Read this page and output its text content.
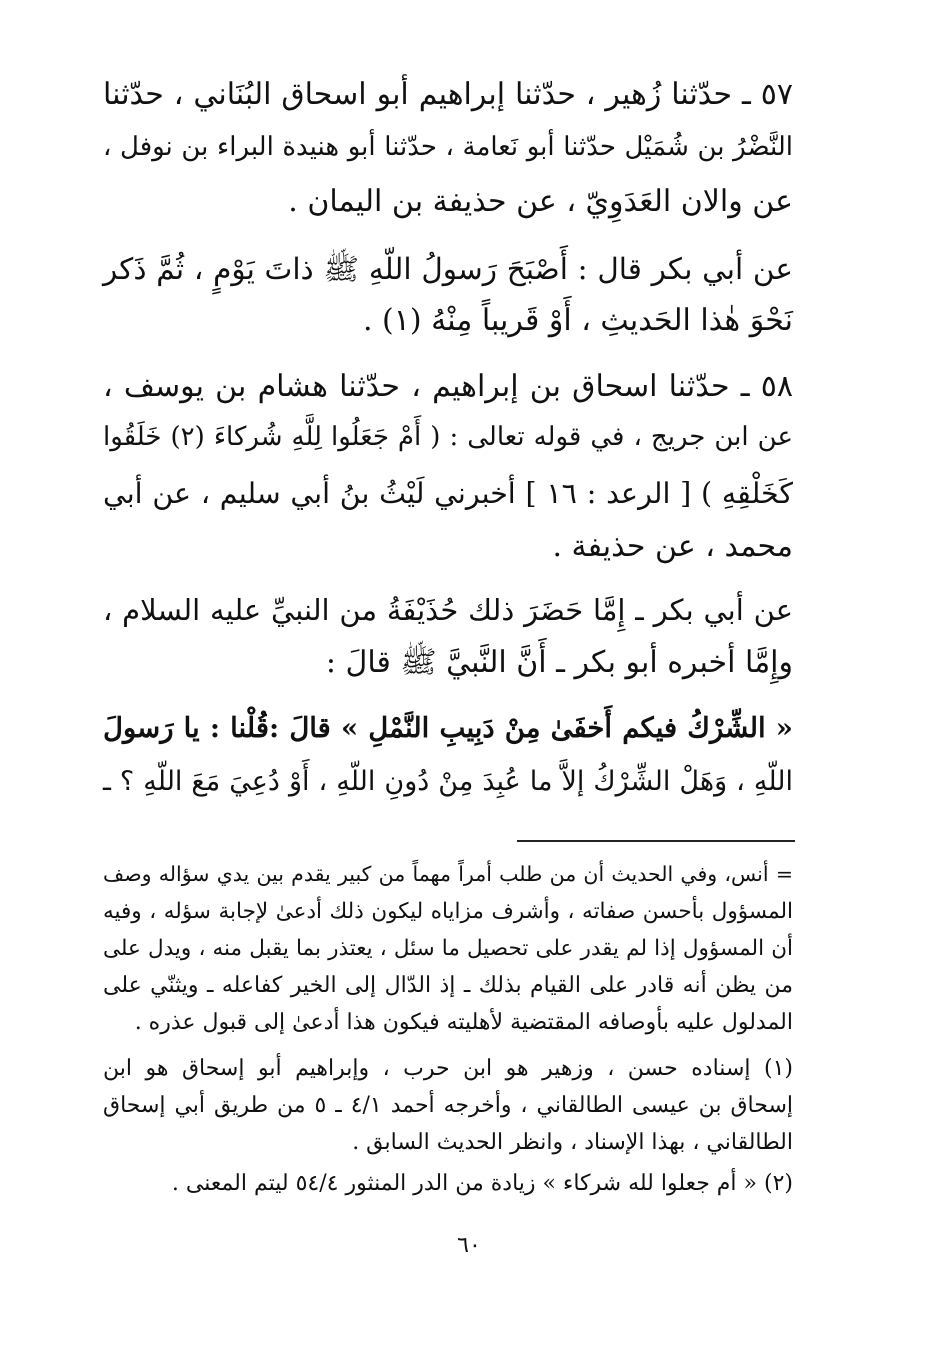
٥٧ ـ حدّثنا زُهير ، حدّثنا إبراهيم أبو اسحاق البُنَاني ، حدّثنا
النَّضْرُ بن شُمَيْل حدّثنا أبو نَعامة ، حدّثنا أبو هنيدة البراء بن نوفل ،
عن والان العَدَوِيّ ، عن حذيفة بن اليمان .
عن أبي بكر قال : أَصْبَحَ رَسولُ اللّهِ ﷺ ذاتَ يَوْمٍ ، ثُمَّ ذَكر
نَحْوَ هٰذا الحَديثِ ، أَوْ قَريباً مِنْهُ (١) .
٥٨ ـ حدّثنا اسحاق بن إبراهيم ، حدّثنا هشام بن يوسف ،
عن ابن جريج ، في قوله تعالى : ( أَمْ جَعَلُوا لِلَّهِ شُركاءَ (٢) خَلَقُوا
كَخَلْقِهِ ) [ الرعد : ١٦ ] أخبرني لَيْثُ بنُ أبي سليم ، عن أبي
محمد ، عن حذيفة .
عن أبي بكر ـ إِمَّا حَضَرَ ذلك حُذَيْفَةُ من النبيِّ عليه السلام ،
وإِمَّا أخبره أبو بكر ـ أَنَّ النَّبيَّ ﷺ قالَ :
« الشِّرْكُ فيكم أَخفَىٰ مِنْ دَبِيبِ النَّمْلِ » قالَ :قُلْنا : يا رَسولَ
اللّهِ ، وَهَلْ الشِّرْكُ إلاَّ ما عُبِدَ مِنْ دُونِ اللّهِ ، أَوْ دُعِيَ مَعَ اللّهِ ؟ ـ
= أنس، وفي الحديث أن من طلب أمراً مهماً من كبير يقدم بين يدي سؤاله وصف
المسؤول بأحسن صفاته ، وأشرف مزاياه ليكون ذلك أدعىٰ لإجابة سؤله ، وفيه
أن المسؤول إذا لم يقدر على تحصيل ما سئل ، يعتذر بما يقبل منه ، ويدل على
من يظن أنه قادر على القيام بذلك ـ إذ الدّال إلى الخير كفاعله ـ ويثنّي على
المدلول عليه بأوصافه المقتضية لأهليته فيكون هذا أدعىٰ إلى قبول عذره .
(١) إسناده حسن ، وزهير هو ابن حرب ، وإبراهيم أبو إسحاق هو ابن
إسحاق بن عيسى الطالقاني ، وأخرجه أحمد ٤/١ ـ ٥ من طريق أبي إسحاق
الطالقاني ، بهذا الإسناد ، وانظر الحديث السابق .
(٢) « أم جعلوا لله شركاء » زيادة من الدر المنثور ٥٤/٤ ليتم المعنى .
٦٠
